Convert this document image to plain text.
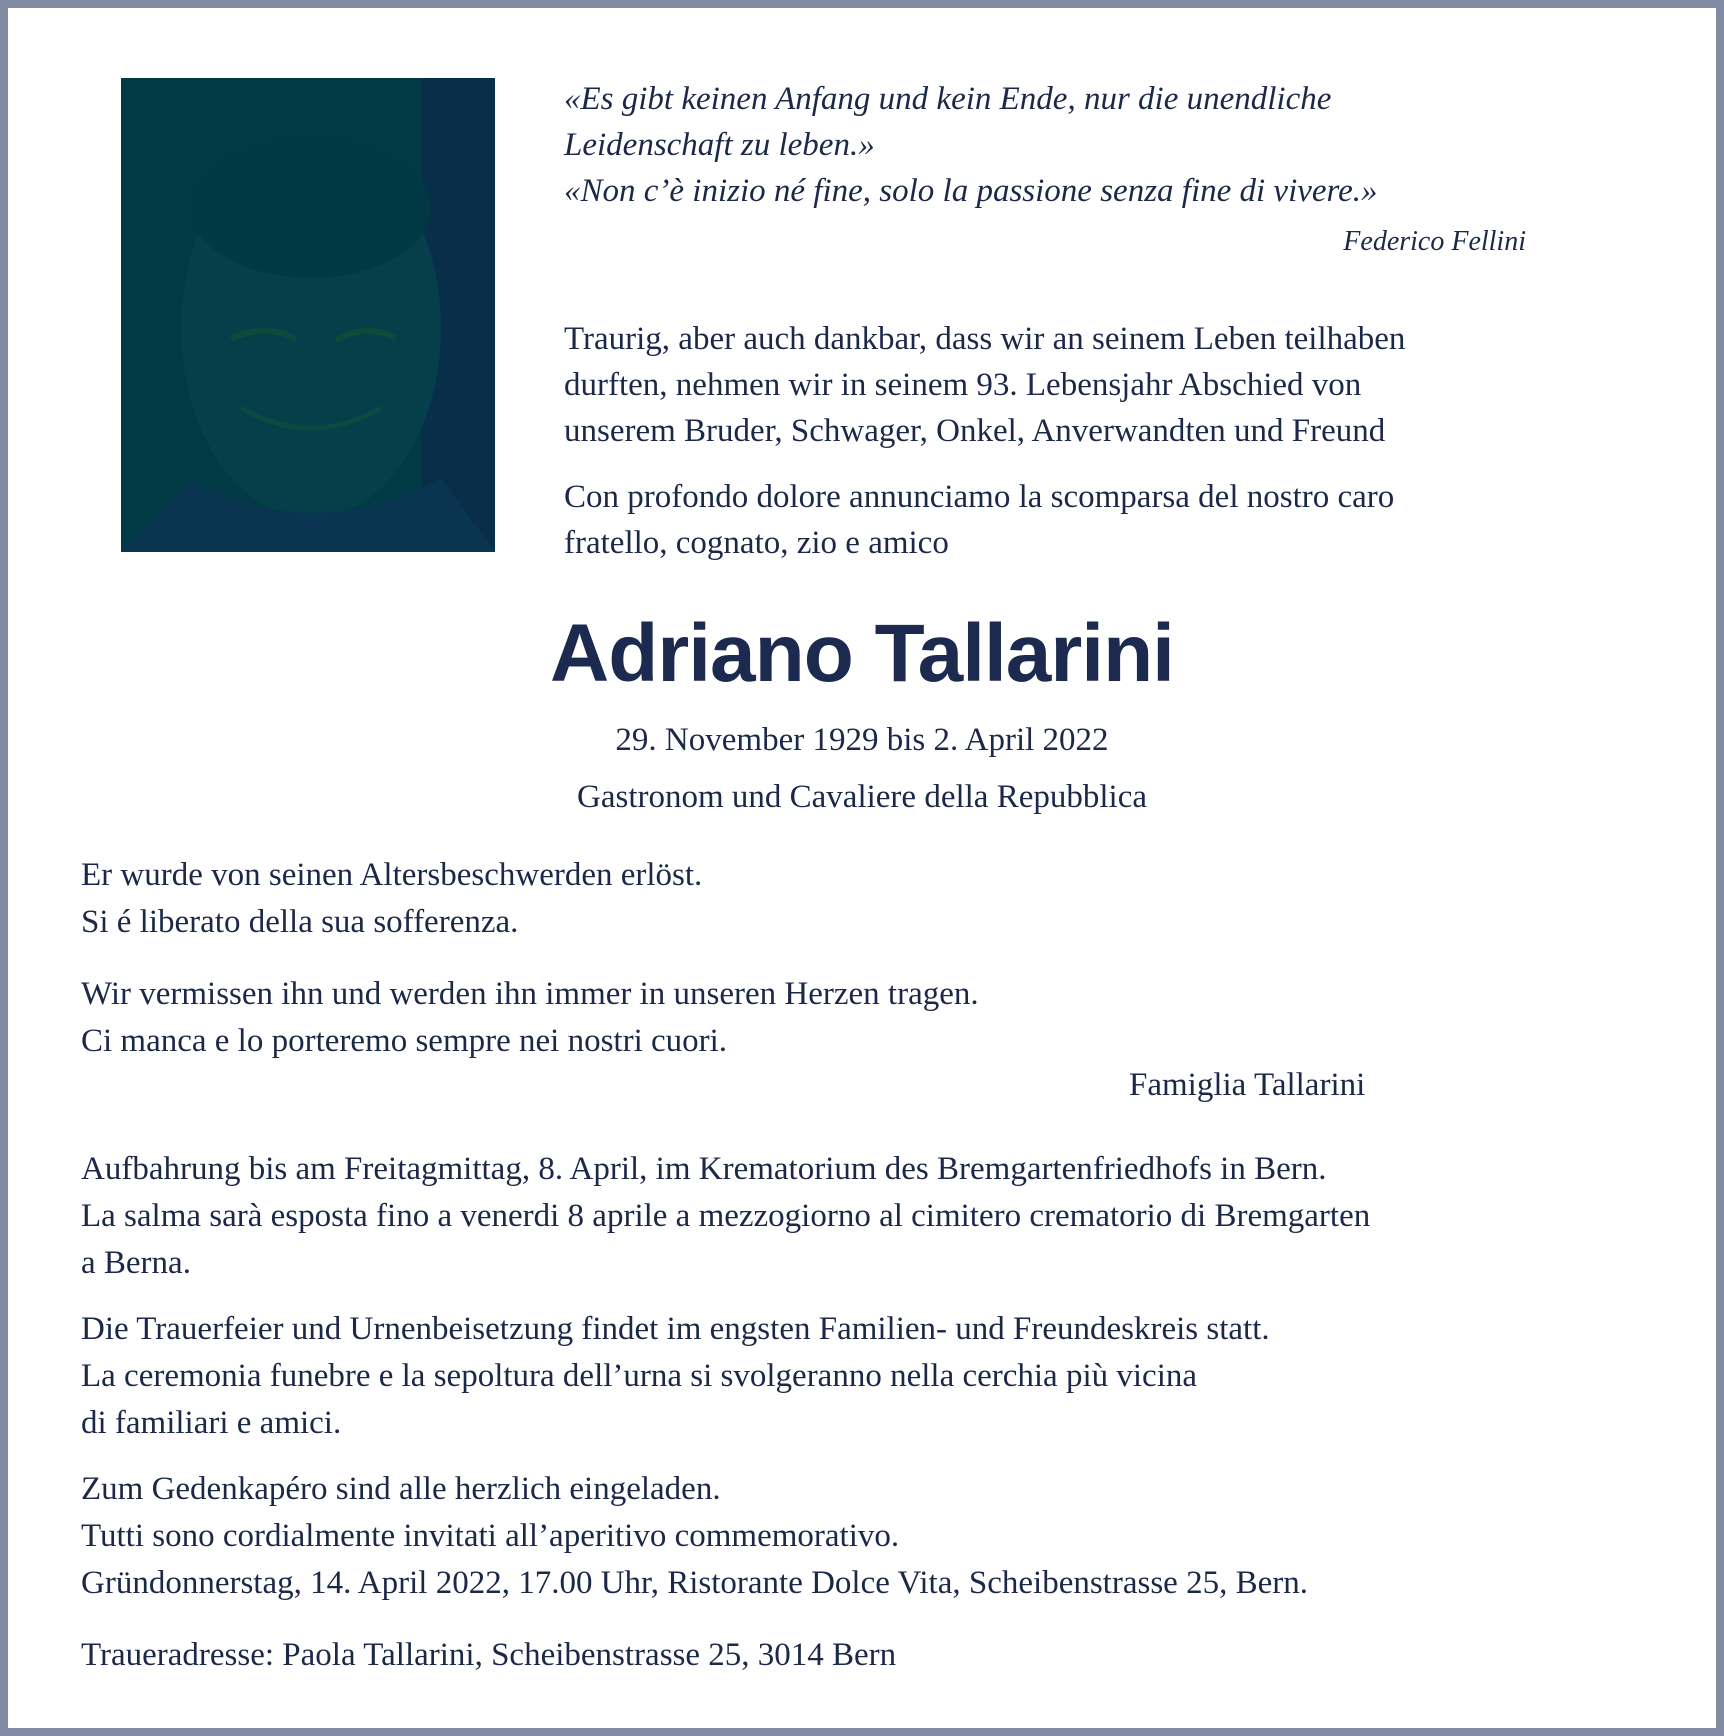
«Es gibt keinen Anfang und kein Ende, nur die unendliche

Leidenschaft zu leben.»

«Non c’è inizio né fine, solo la passione senza fine di vivere.»

Federico Fellini
Traurig, aber auch dankbar, dass wir an seinem Leben teilhaben
durften, nehmen wir in seinem 93. Lebensjahr Abschied von
unserem Bruder, Schwager, Onkel, Anverwandten und Freund
Con profondo dolore annunciamo la scomparsa del nostro caro
fratello, cognato, zio e amico
Adriano Tallarini
29. November 1929 bis 2. April 2022
Gastronom und Cavaliere della Repubblica
Er wurde von seinen Altersbeschwerden erlöst.
Si é liberato della sua sofferenza.
Wir vermissen ihn und werden ihn immer in unseren Herzen tragen.
Ci manca e lo porteremo sempre nei nostri cuori.
Famiglia Tallarini
Aufbahrung bis am Freitagmittag, 8. April, im Krematorium des Bremgartenfriedhofs in Bern.
La salma sarà esposta fino a venerdi 8 aprile a mezzogiorno al cimitero crematorio di Bremgarten
a Berna.
Die Trauerfeier und Urnenbeisetzung findet im engsten Familien- und Freundeskreis statt.
La ceremonia funebre e la sepoltura dell’urna si svolgeranno nella cerchia più vicina
di familiari e amici.
Zum Gedenkapéro sind alle herzlich eingeladen.
Tutti sono cordialmente invitati all’aperitivo commemorativo.
Gründonnerstag, 14. April 2022, 17.00 Uhr, Ristorante Dolce Vita, Scheibenstrasse 25, Bern.
Traueradresse: Paola Tallarini, Scheibenstrasse 25, 3014 Bern
